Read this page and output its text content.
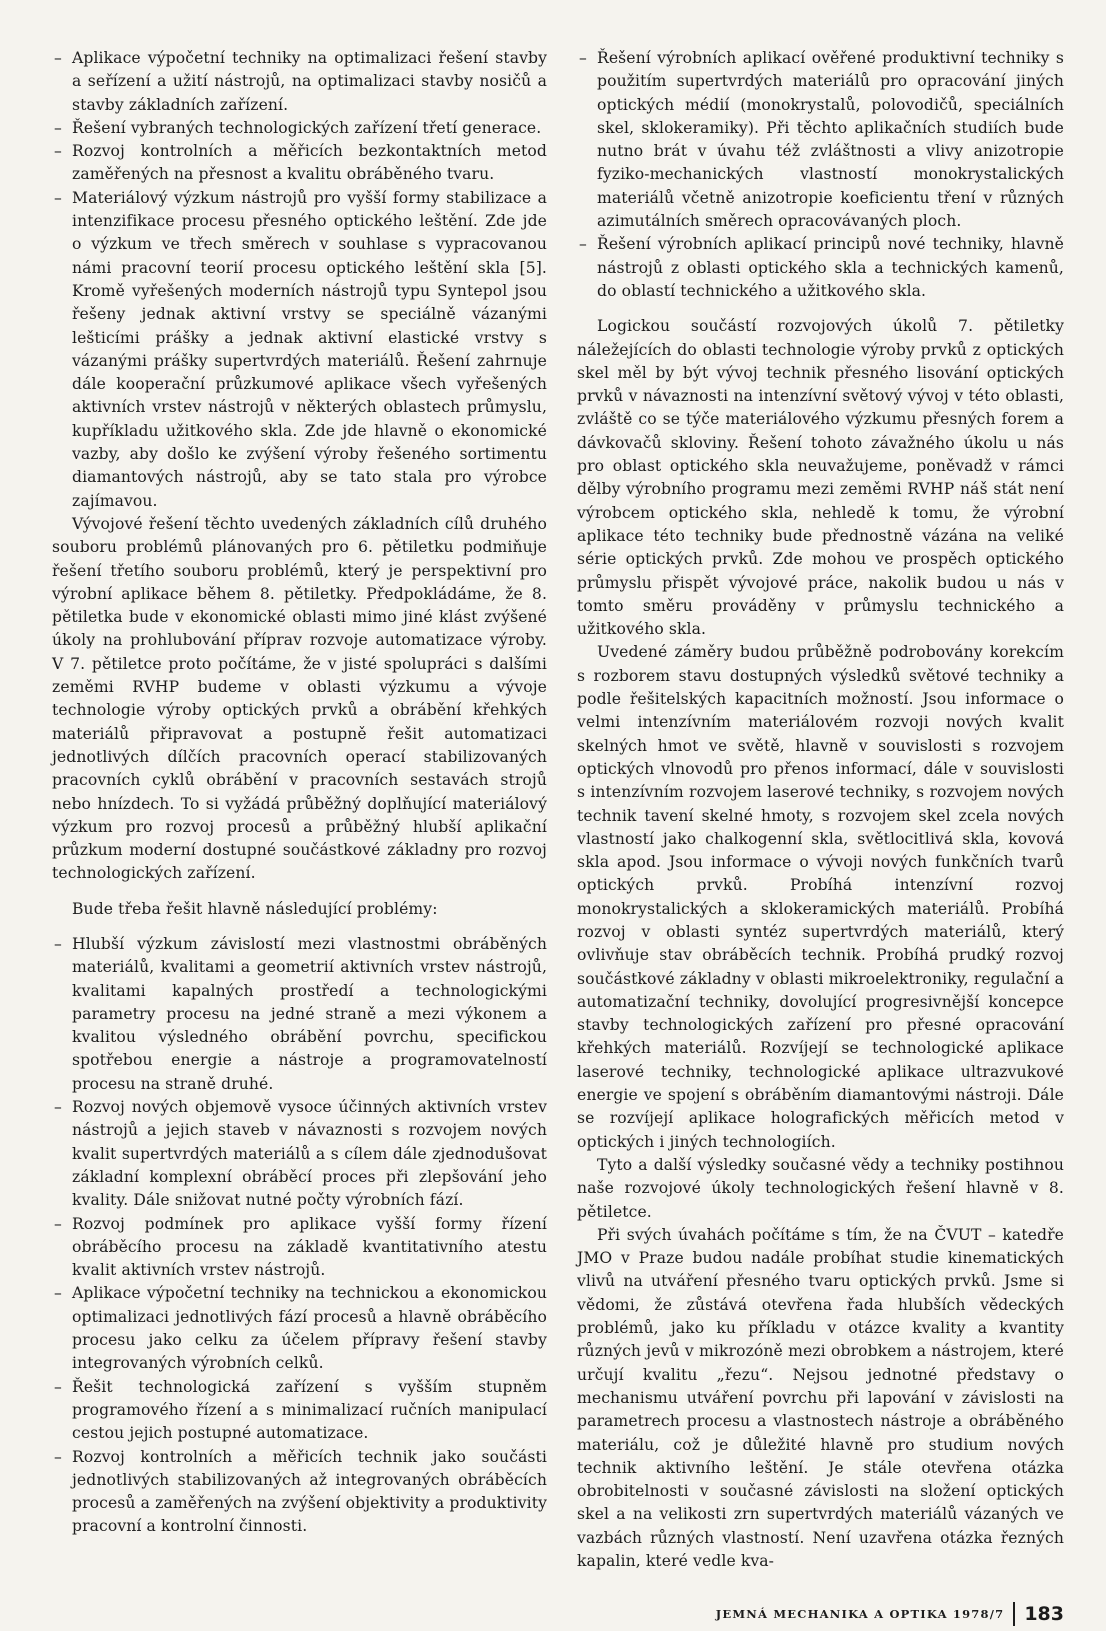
– Aplikace výpočetní techniky na optimalizaci řešení stavby a seřízení a užití nástrojů, na optimalizaci stavby nosičů a stavby základních zařízení.

– Řešení vybraných technologických zařízení třetí generace.

– Rozvoj kontrolních a měřicích bezkontaktních metod zaměřených na přesnost a kvalitu obráběného tvaru.

– Materiálový výzkum nástrojů pro vyšší formy stabilizace a intenzifikace procesu přesného optického leštění. Zde jde o výzkum ve třech směrech v souhlase s vypracovanou námi pracovní teorií procesu optického leštění skla [5]. Kromě vyřešených moderních nástrojů typu Syntepol jsou řešeny jednak aktivní vrstvy se speciálně vázanými lešticími prášky a jednak aktivní elastické vrstvy s vázanými prášky supertvrdých materiálů. Řešení zahrnuje dále kooperační průzkumové aplikace všech vyřešených aktivních vrstev nástrojů v některých oblastech průmyslu, kupříkladu užitkového skla. Zde jde hlavně o ekonomické vazby, aby došlo ke zvýšení výroby řešeného sortimentu diamantových nástrojů, aby se tato stala pro výrobce zajímavou.

Vývojové řešení těchto uvedených základních cílů druhého souboru problémů plánovaných pro 6. pětiletku podmiňuje řešení třetího souboru problémů, který je perspektivní pro výrobní aplikace během 8. pětiletky. Předpokládáme, že 8. pětiletka bude v ekonomické oblasti mimo jiné klást zvýšené úkoly na prohlubování příprav rozvoje automatizace výroby. V 7. pětiletce proto počítáme, že v jisté spolupráci s dalšími zeměmi RVHP budeme v oblasti výzkumu a vývoje technologie výroby optických prvků a obrábění křehkých materiálů připravovat a postupně řešit automatizaci jednotlivých dílčích pracovních operací stabilizovaných pracovních cyklů obrábění v pracovních sestavách strojů nebo hnízdech. To si vyžádá průběžný doplňující materiálový výzkum pro rozvoj procesů a průběžný hlubší aplikační průzkum moderní dostupné součástkové základny pro rozvoj technologických zařízení.

Bude třeba řešit hlavně následující problémy:

– Hlubší výzkum závislostí mezi vlastnostmi obráběných materiálů, kvalitami a geometrií aktivních vrstev nástrojů, kvalitami kapalných prostředí a technologickými parametry procesu na jedné straně a mezi výkonem a kvalitou výsledného obrábění povrchu, specifickou spotřebou energie a nástroje a programovatelností procesu na straně druhé.

– Rozvoj nových objemově vysoce účinných aktivních vrstev nástrojů a jejich staveb v návaznosti s rozvojem nových kvalit supertvrdých materiálů a s cílem dále zjednodušovat základní komplexní obráběcí proces při zlepšování jeho kvality. Dále snižovat nutné počty výrobních fází.

– Rozvoj podmínek pro aplikace vyšší formy řízení obráběcího procesu na základě kvantitativního atestu kvalit aktivních vrstev nástrojů.

– Aplikace výpočetní techniky na technickou a ekonomickou optimalizaci jednotlivých fází procesů a hlavně obráběcího procesu jako celku za účelem přípravy řešení stavby integrovaných výrobních celků.

– Řešit technologická zařízení s vyšším stupněm programového řízení a s minimalizací ručních manipulací cestou jejich postupné automatizace.

– Rozvoj kontrolních a měřicích technik jako součásti jednotlivých stabilizovaných až integrovaných obráběcích procesů a zaměřených na zvýšení objektivity a produktivity pracovní a kontrolní činnosti.

– Řešení výrobních aplikací ověřené produktivní techniky s použitím supertvrdých materiálů pro opracování jiných optických médií (monokrystalů, polovodičů, speciálních skel, sklokeramiky). Při těchto aplikačních studiích bude nutno brát v úvahu též zvláštnosti a vlivy anizotropie fyziko-mechanických vlastností monokrystalických materiálů včetně anizotropie koeficientu tření v různých azimutálních směrech opracovávaných ploch.

– Řešení výrobních aplikací principů nové techniky, hlavně nástrojů z oblasti optického skla a technických kamenů, do oblastí technického a užitkového skla.

Logickou součástí rozvojových úkolů 7. pětiletky náležejících do oblasti technologie výroby prvků z optických skel měl by být vývoj technik přesného lisování optických prvků v návaznosti na intenzívní světový vývoj v této oblasti, zvláště co se týče materiálového výzkumu přesných forem a dávkovačů skloviny. Řešení tohoto závažného úkolu u nás pro oblast optického skla neuvažujeme, poněvadž v rámci dělby výrobního programu mezi zeměmi RVHP náš stát není výrobcem optického skla, nehledě k tomu, že výrobní aplikace této techniky bude přednostně vázána na veliké série optických prvků. Zde mohou ve prospěch optického průmyslu přispět vývojové práce, nakolik budou u nás v tomto směru prováděny v průmyslu technického a užitkového skla.

Uvedené záměry budou průběžně podrobovány korekcím s rozborem stavu dostupných výsledků světové techniky a podle řešitelských kapacitních možností. Jsou informace o velmi intenzívním materiálovém rozvoji nových kvalit skelných hmot ve světě, hlavně v souvislosti s rozvojem optických vlnovodů pro přenos informací, dále v souvislosti s intenzívním rozvojem laserové techniky, s rozvojem nových technik tavení skelné hmoty, s rozvojem skel zcela nových vlastností jako chalkogenní skla, světlocitlivá skla, kovová skla apod. Jsou informace o vývoji nových funkčních tvarů optických prvků. Probíhá intenzívní rozvoj monokrystalických a sklokeramických materiálů. Probíhá rozvoj v oblasti syntéz supertvrdých materiálů, který ovlivňuje stav obráběcích technik. Probíhá prudký rozvoj součástkové základny v oblasti mikroelektroniky, regulační a automatizační techniky, dovolující progresivnější koncepce stavby technologických zařízení pro přesné opracování křehkých materiálů. Rozvíjejí se technologické aplikace laserové techniky, technologické aplikace ultrazvukové energie ve spojení s obráběním diamantovými nástroji. Dále se rozvíjejí aplikace holografických měřicích metod v optických i jiných technologiích.

Tyto a další výsledky současné vědy a techniky postihnou naše rozvojové úkoly technologických řešení hlavně v 8. pětiletce.

Při svých úvahách počítáme s tím, že na ČVUT – katedře JMO v Praze budou nadále probíhat studie kinematických vlivů na utváření přesného tvaru optických prvků. Jsme si vědomi, že zůstává otevřena řada hlubších vědeckých problémů, jako ku příkladu v otázce kvality a kvantity různých jevů v mikrozóně mezi obrobkem a nástrojem, které určují kvalitu „řezu“. Nejsou jednotné představy o mechanismu utváření povrchu při lapování v závislosti na parametrech procesu a vlastnostech nástroje a obráběného materiálu, což je důležité hlavně pro studium nových technik aktivního leštění. Je stále otevřena otázka obrobitelnosti v současné závislosti na složení optických skel a na velikosti zrn supertvrdých materiálů vázaných ve vazbách různých vlastností. Není uzavřena otázka řezných kapalin, které vedle kva-

JEMNÁ MECHANIKA A OPTIKA 1978/7 183
